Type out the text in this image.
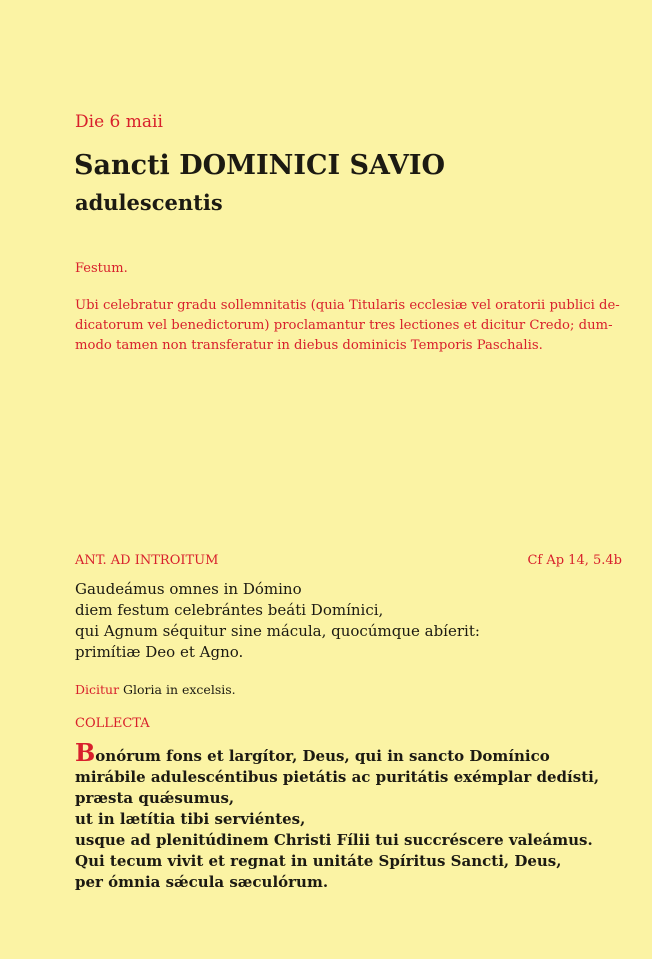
Die 6 maii
Sancti DOMINICI SAVIO
adulescentis
Festum.
Ubi celebratur gradu sollemnitatis (quia Titularis ecclesiæ vel oratorii publici de-
dicatorum vel benedictorum) proclamantur tres lectiones et dicitur Credo; dum-
modo tamen non transferatur in diebus dominicis Temporis Paschalis.
ANT. AD INTROITUM	Cf Ap 14, 5.4b
Gaudeámus omnes in Dómino
diem festum celebrántes beáti Domínici,
qui Agnum séquitur sine mácula, quocúmque abíerit:
primítiæ Deo et Agno.
Dicitur Gloria in excelsis.
COLLECTA
Bonórum fons et largítor, Deus, qui in sancto Domínico
mirábile adulescéntibus pietátis ac puritátis exémplar dedísti,
præsta quǽsumus,
ut in lætítia tibi serviéntes,
usque ad plenitúdinem Christi Fílii tui succréscere valeámus.
Qui tecum vivit et regnat in unitáte Spíritus Sancti, Deus,
per ómnia sǽcula sæculórum.
